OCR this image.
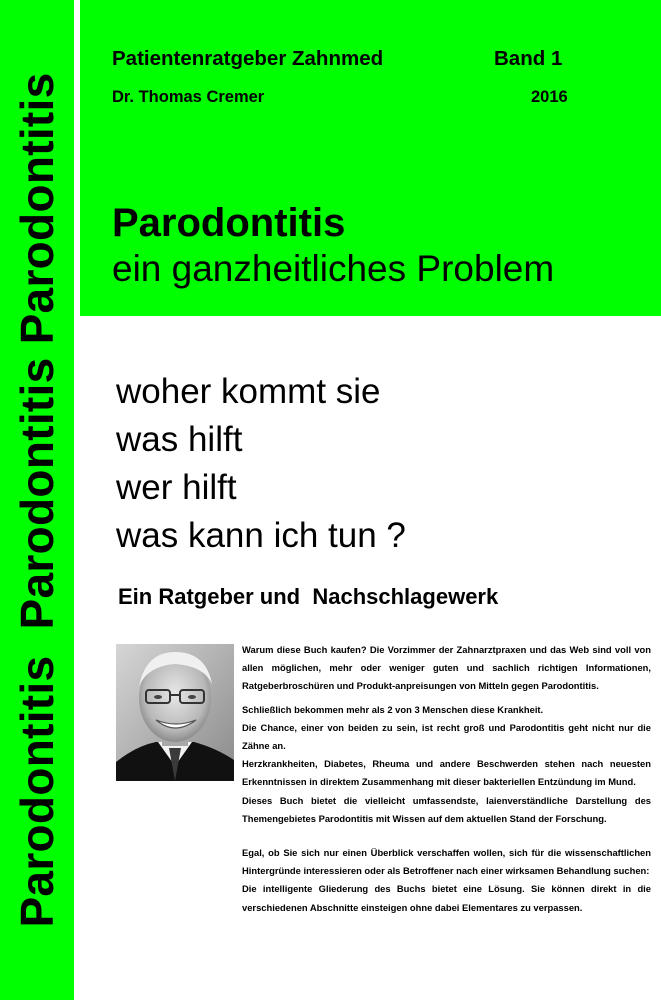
Parodontitis  Parodontitis Parodontitis
Patientenratgeber Zahnmed	Band 1
Dr. Thomas Cremer	2016
Parodontitis
ein ganzheitliches Problem
woher kommt sie
was hilft
wer hilft
was kann ich tun ?
Ein Ratgeber und  Nachschlagewerk

Warum diese Buch kaufen? Die Vorzimmer der Zahnarztpraxen und das Web sind voll von allen möglichen, mehr oder weniger guten und sachlich richtigen Informationen, Ratgeberbroschüren und Produkt-anpreisungen von Mitteln gegen Parodontitis.

Schließlich bekommen mehr als 2 von 3 Menschen diese Krankheit.

Die Chance, einer von beiden zu sein, ist recht groß und Parodontitis geht nicht nur die Zähne an.

Herzkrankheiten, Diabetes, Rheuma und andere Beschwerden stehen nach neuesten Erkenntnissen in direktem Zusammenhang mit dieser bakteriellen Entzündung im Mund.

Dieses Buch bietet die vielleicht umfassendste, laienverständliche Darstellung des Themengebietes Parodontitis mit Wissen auf dem aktuellen Stand der Forschung.

Egal, ob Sie sich nur einen Überblick verschaffen wollen, sich für die wissenschaftlichen Hintergründe interessieren oder als Betroffener nach einer wirksamen Behandlung suchen:

Die intelligente Gliederung des Buchs bietet eine Lösung. Sie können direkt in die verschiedenen Abschnitte einsteigen ohne dabei Elementares zu verpassen.
